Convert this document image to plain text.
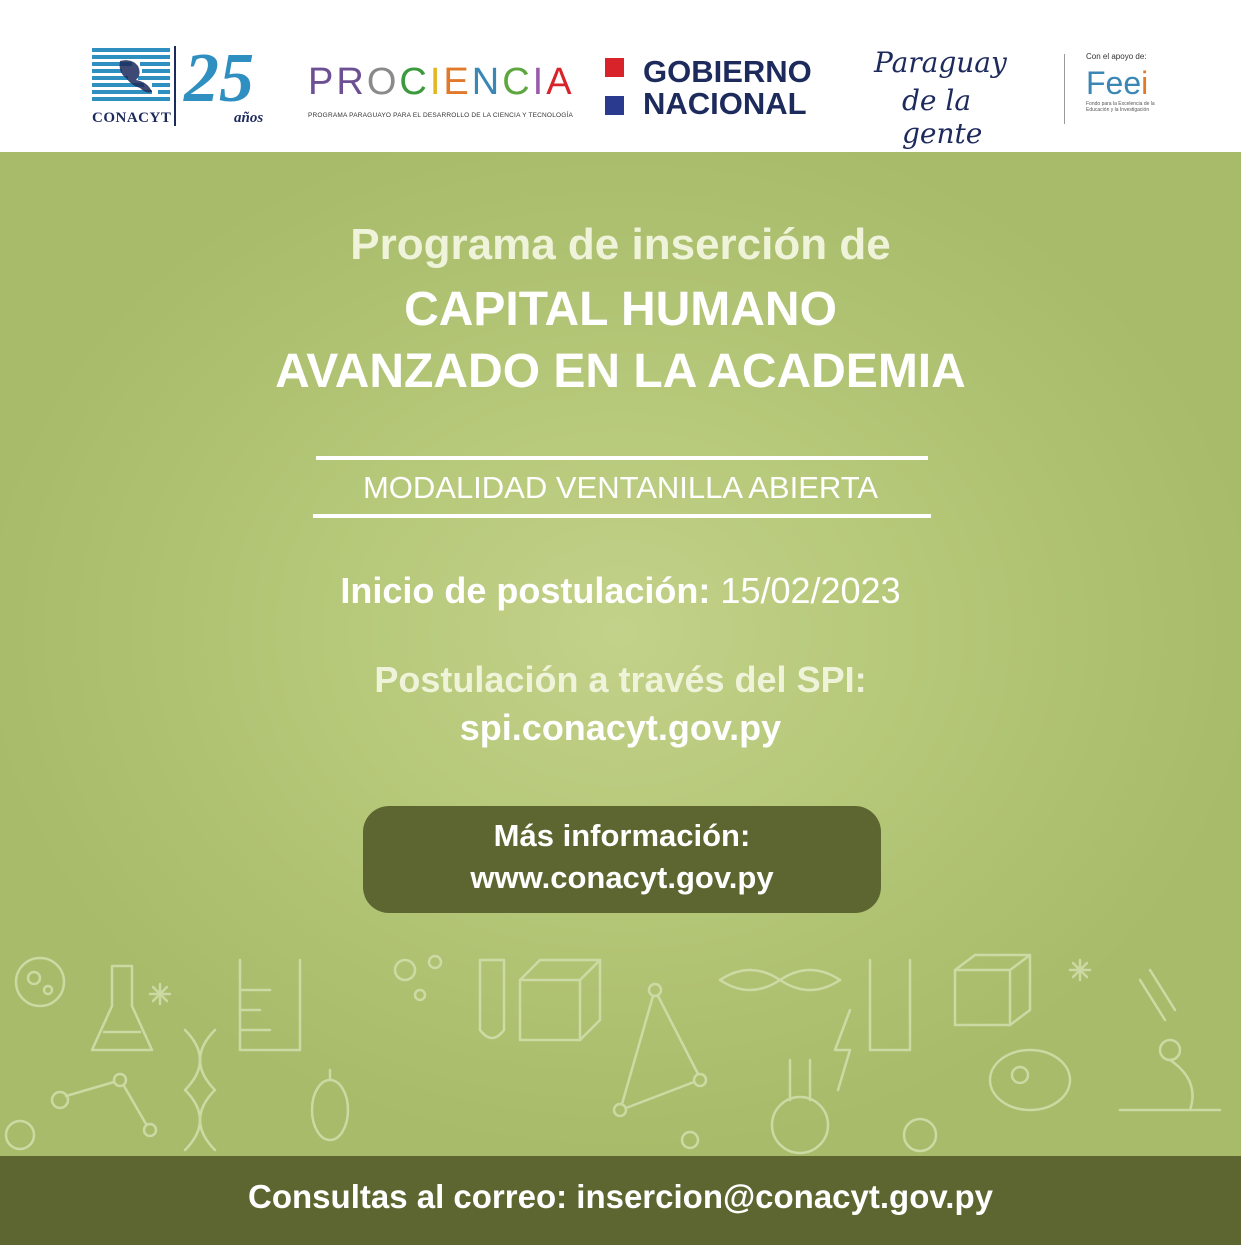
CONACYT
25
años
PROCIENCIA
PROGRAMA PARAGUAYO PARA EL DESARROLLO DE LA CIENCIA Y TECNOLOGÍA
GOBIERNO
NACIONAL
Paraguay
de la gente
Con el apoyo de:
Feei
Fondo para la Excelencia de la Educación y la Investigación
Programa de inserción de
CAPITAL HUMANO
AVANZADO EN LA ACADEMIA
MODALIDAD VENTANILLA ABIERTA
Inicio de postulación: 15/02/2023
Postulación a través del SPI:
spi.conacyt.gov.py
Más información:
www.conacyt.gov.py
Consultas al correo: insercion@conacyt.gov.py
